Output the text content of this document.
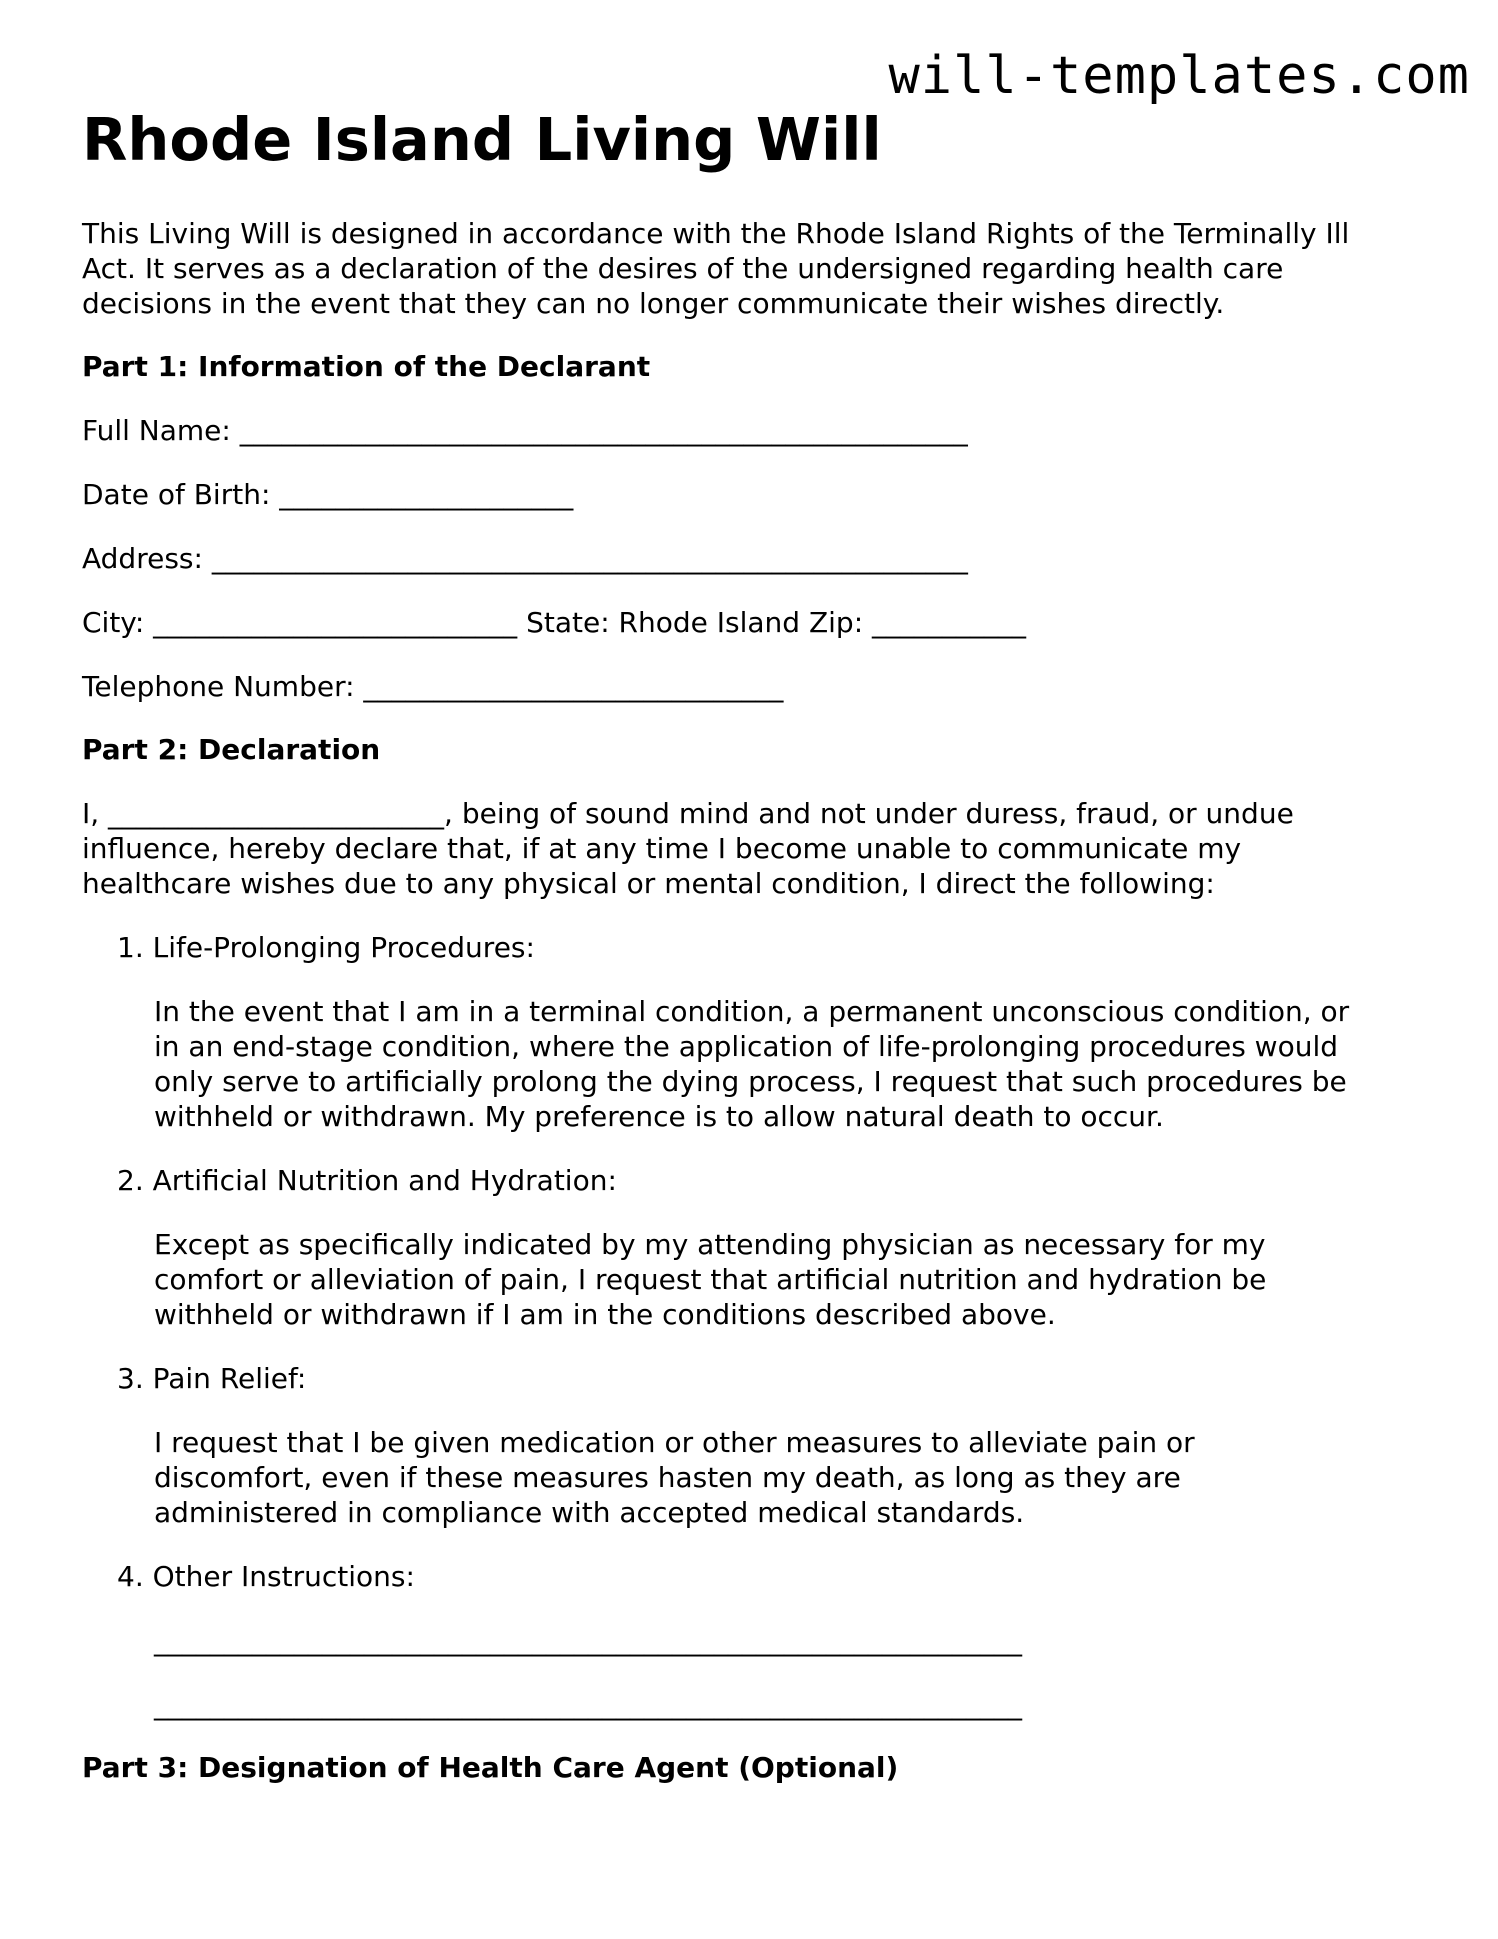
will-templates.com
Rhode Island Living Will
This Living Will is designed in accordance with the Rhode Island Rights of the Terminally Ill
Act. It serves as a declaration of the desires of the undersigned regarding health care
decisions in the event that they can no longer communicate their wishes directly.
Part 1: Information of the Declarant
Full Name: ____________________________________________________
Date of Birth: _____________________
Address: ______________________________________________________
City: __________________________ State: Rhode Island Zip: ___________
Telephone Number: ______________________________
Part 2: Declaration
I, ________________________, being of sound mind and not under duress, fraud, or undue
influence, hereby declare that, if at any time I become unable to communicate my
healthcare wishes due to any physical or mental condition, I direct the following:
1. Life-Prolonging Procedures:
In the event that I am in a terminal condition, a permanent unconscious condition, or
in an end-stage condition, where the application of life-prolonging procedures would
only serve to artificially prolong the dying process, I request that such procedures be
withheld or withdrawn. My preference is to allow natural death to occur.
2. Artificial Nutrition and Hydration:
Except as specifically indicated by my attending physician as necessary for my
comfort or alleviation of pain, I request that artificial nutrition and hydration be
withheld or withdrawn if I am in the conditions described above.
3. Pain Relief:
I request that I be given medication or other measures to alleviate pain or
discomfort, even if these measures hasten my death, as long as they are
administered in compliance with accepted medical standards.
4. Other Instructions:
______________________________________________________________
______________________________________________________________
Part 3: Designation of Health Care Agent (Optional)
